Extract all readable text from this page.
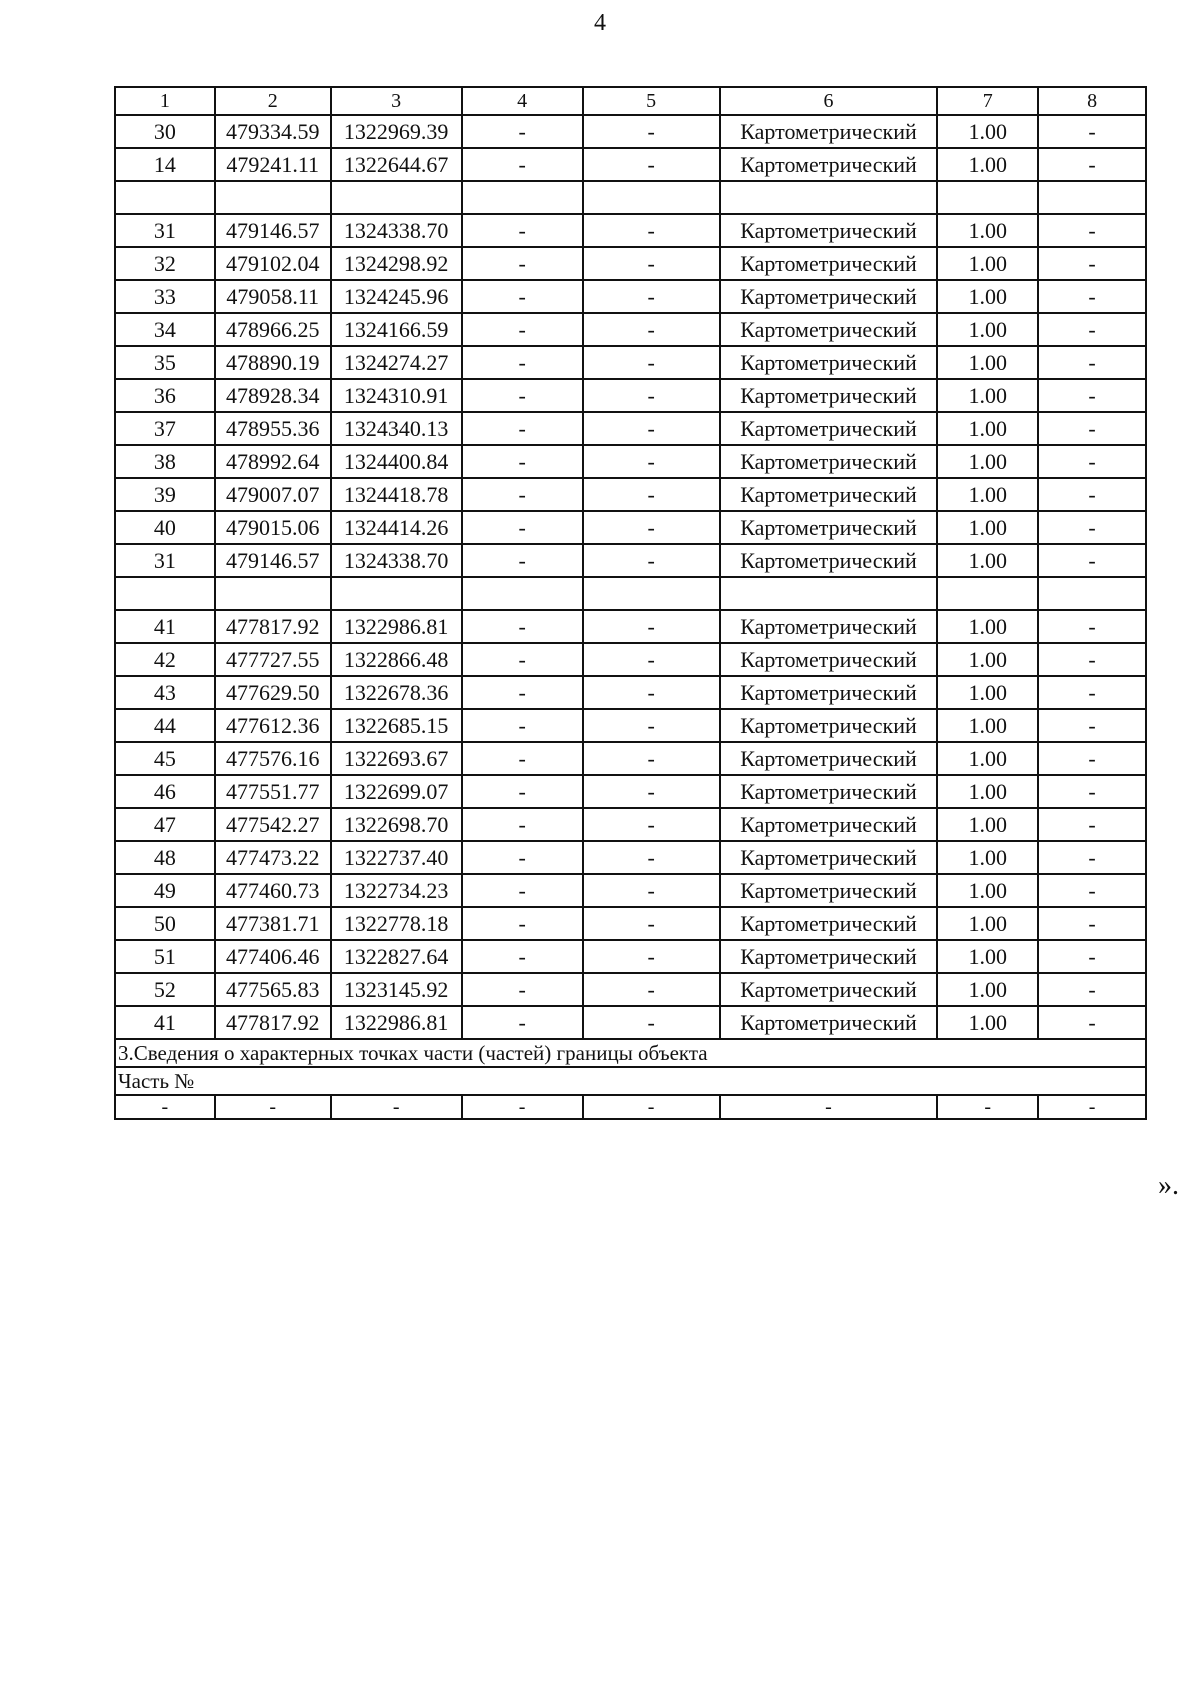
4
1	2	3	4	5	6	7	8
30	479334.59	1322969.39	-	-	Картометрический	1.00	-
14	479241.11	1322644.67	-	-	Картометрический	1.00	-

31	479146.57	1324338.70	-	-	Картометрический	1.00	-
32	479102.04	1324298.92	-	-	Картометрический	1.00	-
33	479058.11	1324245.96	-	-	Картометрический	1.00	-
34	478966.25	1324166.59	-	-	Картометрический	1.00	-
35	478890.19	1324274.27	-	-	Картометрический	1.00	-
36	478928.34	1324310.91	-	-	Картометрический	1.00	-
37	478955.36	1324340.13	-	-	Картометрический	1.00	-
38	478992.64	1324400.84	-	-	Картометрический	1.00	-
39	479007.07	1324418.78	-	-	Картометрический	1.00	-
40	479015.06	1324414.26	-	-	Картометрический	1.00	-
31	479146.57	1324338.70	-	-	Картометрический	1.00	-

41	477817.92	1322986.81	-	-	Картометрический	1.00	-
42	477727.55	1322866.48	-	-	Картометрический	1.00	-
43	477629.50	1322678.36	-	-	Картометрический	1.00	-
44	477612.36	1322685.15	-	-	Картометрический	1.00	-
45	477576.16	1322693.67	-	-	Картометрический	1.00	-
46	477551.77	1322699.07	-	-	Картометрический	1.00	-
47	477542.27	1322698.70	-	-	Картометрический	1.00	-
48	477473.22	1322737.40	-	-	Картометрический	1.00	-
49	477460.73	1322734.23	-	-	Картометрический	1.00	-
50	477381.71	1322778.18	-	-	Картометрический	1.00	-
51	477406.46	1322827.64	-	-	Картометрический	1.00	-
52	477565.83	1323145.92	-	-	Картометрический	1.00	-
41	477817.92	1322986.81	-	-	Картометрический	1.00	-
3.Сведения о характерных точках части (частей) границы объекта							
Часть №							
-	-	-	-	-	-	-	-
».
